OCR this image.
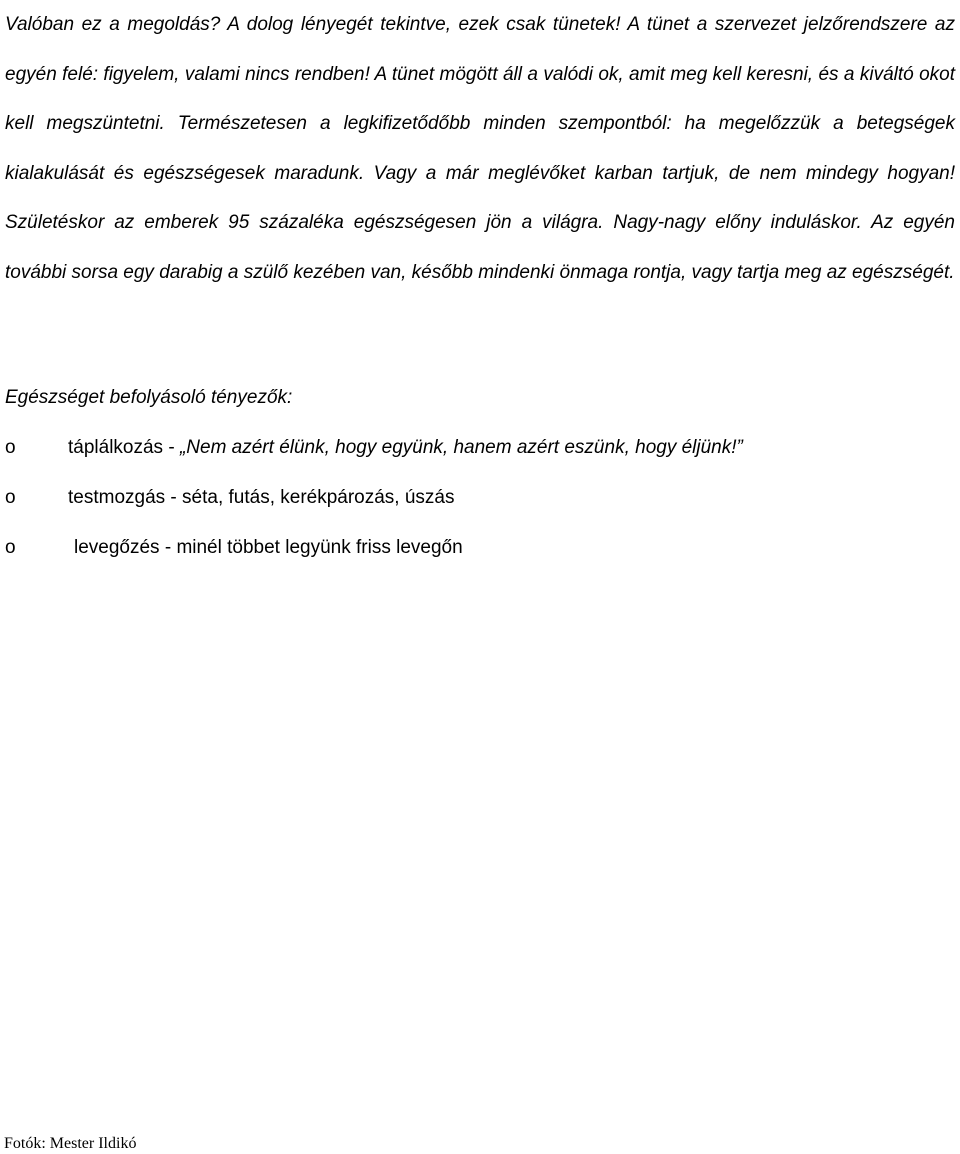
Valóban ez a megoldás? A dolog lényegét tekintve, ezek csak tünetek! A tünet a szervezet jelzőrendszere az egyén felé: figyelem, valami nincs rendben! A tünet mögött áll a valódi ok, amit meg kell keresni, és a kiváltó okot kell megszüntetni. Természetesen a legkifizetődőbb minden szempontból: ha megelőzzük a betegségek kialakulását és egészségesek maradunk. Vagy a már meglévőket karban tartjuk, de nem mindegy hogyan! Születéskor az emberek 95 százaléka egészségesen jön a világra. Nagy-nagy előny induláskor. Az egyén további sorsa egy darabig a szülő kezében van, később mindenki önmaga rontja, vagy tartja meg az egészségét.

Egészséget befolyásoló tényezők:

o	táplálkozás - „Nem azért élünk, hogy együnk, hanem azért eszünk, hogy éljünk!”
o	testmozgás - séta, futás, kerékpározás, úszás
o	levegőzés - minél többet legyünk friss levegőn

Fotók: Mester Ildikó
